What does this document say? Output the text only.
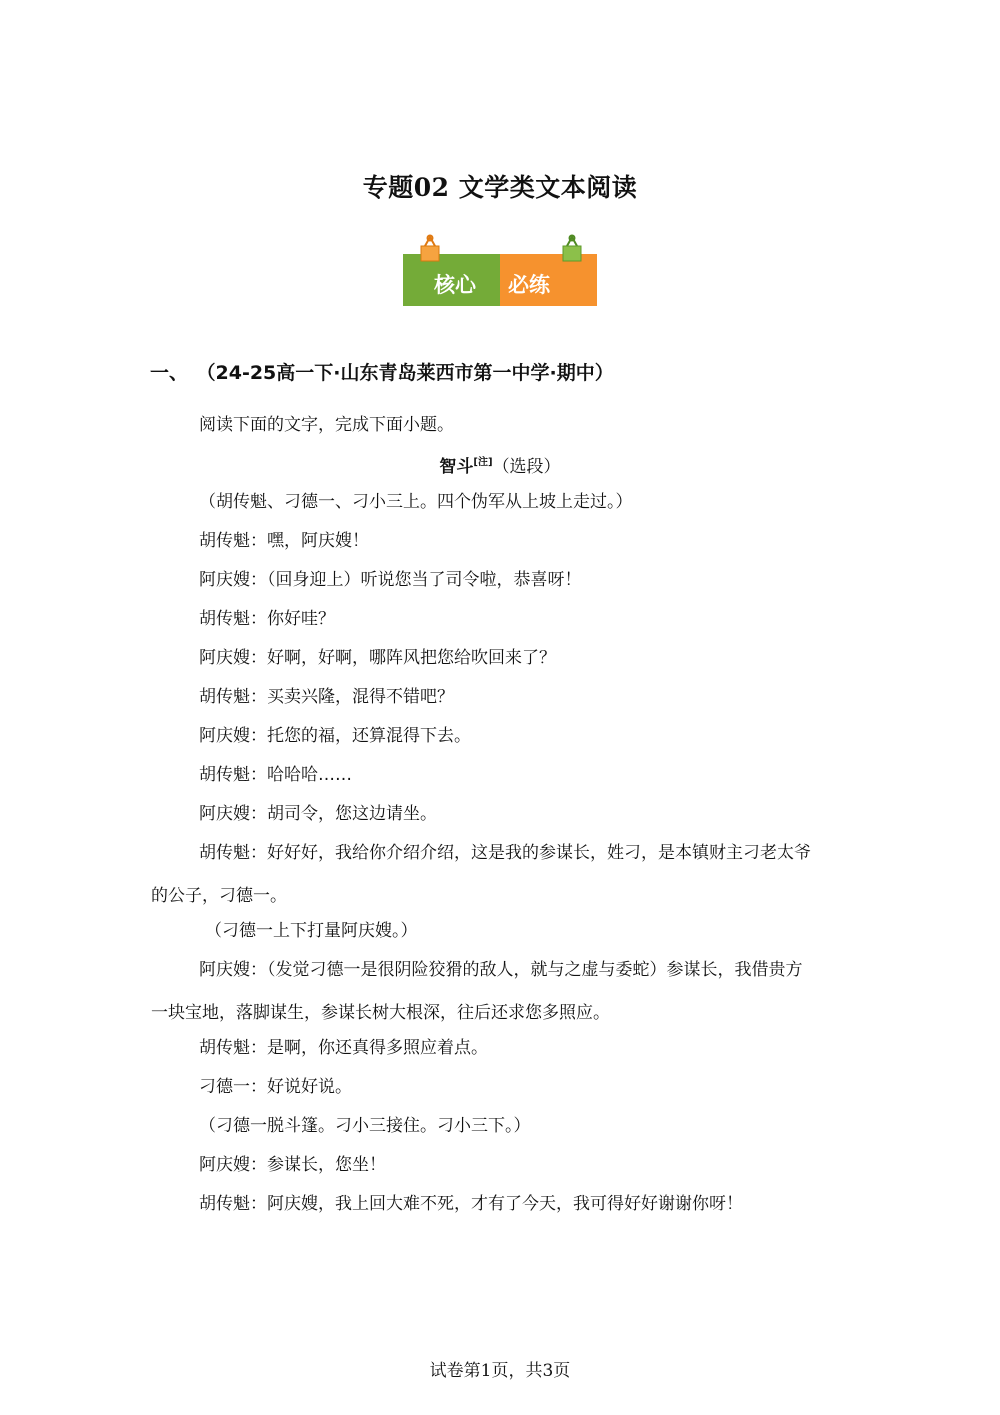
专题02 文学类文本阅读
核心 必练
一、 （24-25高一下·山东青岛莱西市第一中学·期中）
阅读下面的文字，完成下面小题。
智斗[注]（选段）
（胡传魁、刁德一、刁小三上。四个伪军从上坡上走过。）
胡传魁：嘿，阿庆嫂！
阿庆嫂：（回身迎上）听说您当了司令啦，恭喜呀！
胡传魁：你好哇？
阿庆嫂：好啊，好啊，哪阵风把您给吹回来了？
胡传魁：买卖兴隆，混得不错吧？
阿庆嫂：托您的福，还算混得下去。
胡传魁：哈哈哈……
阿庆嫂：胡司令，您这边请坐。
胡传魁：好好好，我给你介绍介绍，这是我的参谋长，姓刁，是本镇财主刁老太爷
的公子，刁德一。
（刁德一上下打量阿庆嫂。）
阿庆嫂：（发觉刁德一是很阴险狡猾的敌人，就与之虚与委蛇）参谋长，我借贵方
一块宝地，落脚谋生，参谋长树大根深，往后还求您多照应。
胡传魁：是啊，你还真得多照应着点。
刁德一：好说好说。
（刁德一脱斗篷。刁小三接住。刁小三下。）
阿庆嫂：参谋长，您坐！
胡传魁：阿庆嫂，我上回大难不死，才有了今天，我可得好好谢谢你呀！
试卷第1页，共3页
